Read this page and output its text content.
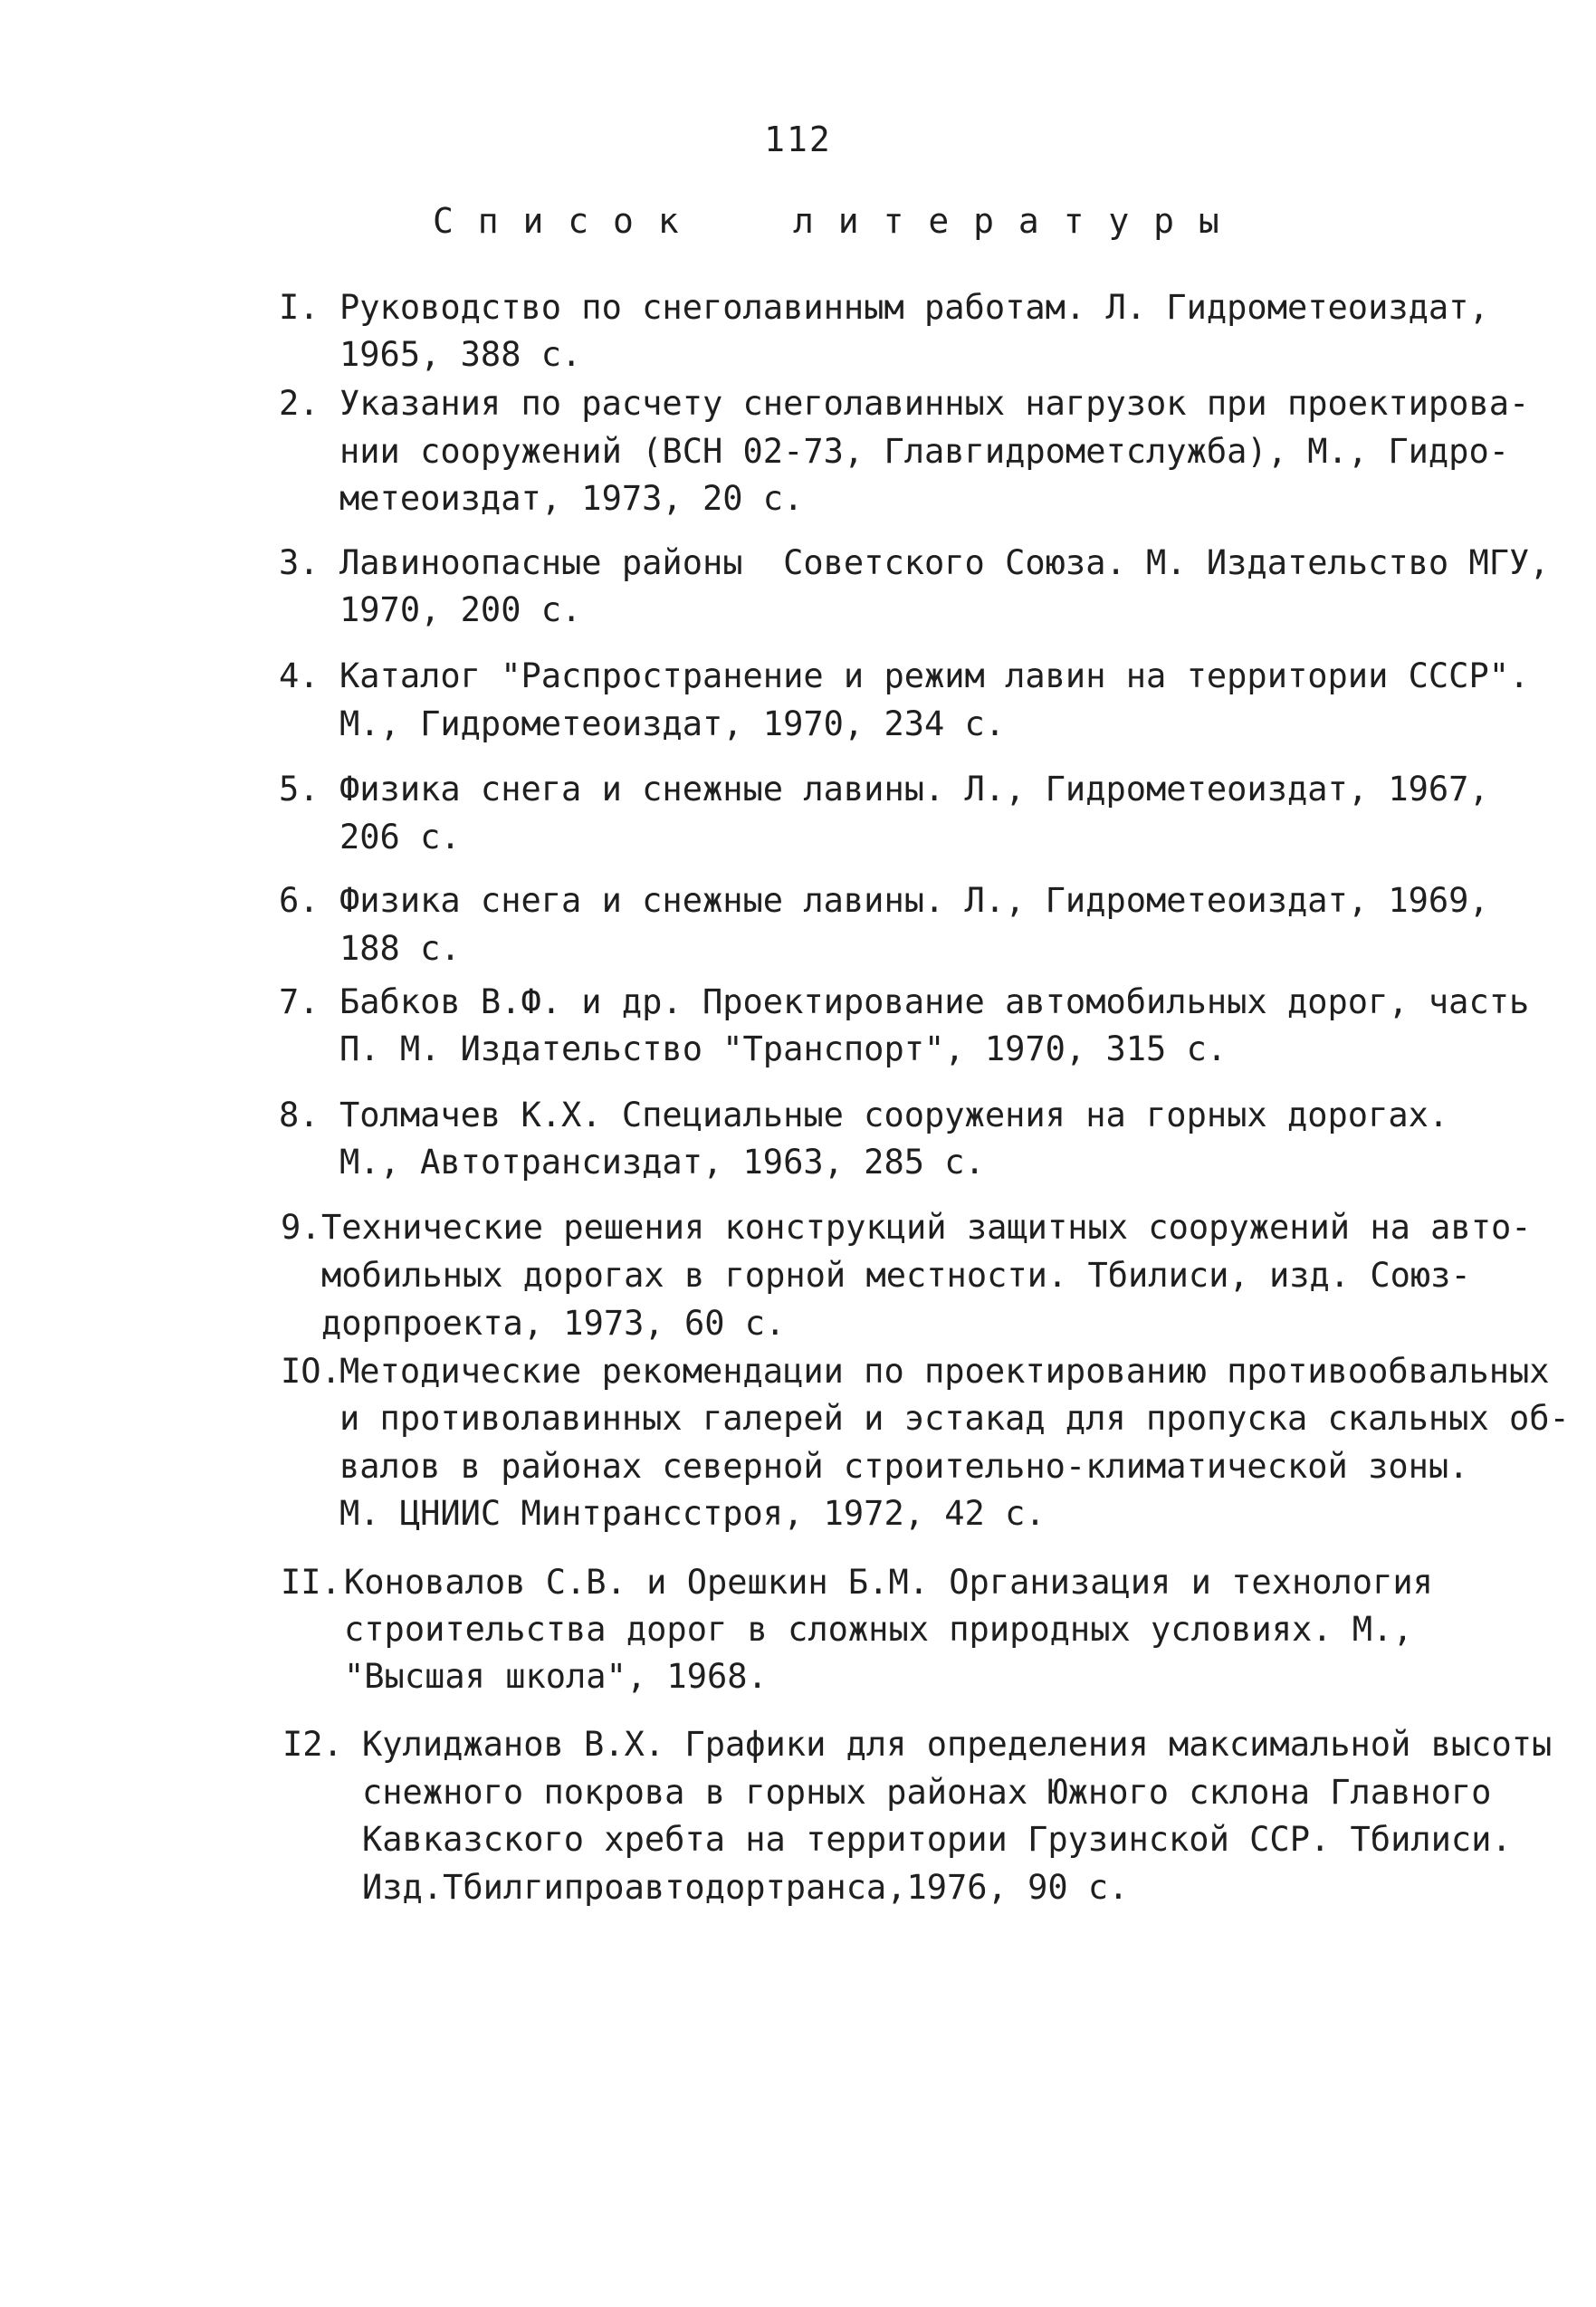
112
С п и с о к     л и т е р а т у р ы
I. Руководство по снеголавинным работам. Л. Гидрометеоиздат,
1965, 388 с.
2. Указания по расчету снеголавинных нагрузок при проектирова-
нии сооружений (ВСН 02-73, Главгидрометслужба), М., Гидро-
метеоиздат, 1973, 20 с.
3. Лавиноопасные районы  Советского Союза. М. Издательство МГУ,
1970, 200 с.
4. Каталог "Распространение и режим лавин на территории СССР".
М., Гидрометеоиздат, 1970, 234 с.
5. Физика снега и снежные лавины. Л., Гидрометеоиздат, 1967,
206 с.
6. Физика снега и снежные лавины. Л., Гидрометеоиздат, 1969,
188 с.
7. Бабков В.Ф. и др. Проектирование автомобильных дорог, часть
П. М. Издательство "Транспорт", 1970, 315 с.
8. Толмачев К.Х. Специальные сооружения на горных дорогах.
М., Автотрансиздат, 1963, 285 с.
9. Технические решения конструкций защитных сооружений на авто-
мобильных дорогах в горной местности. Тбилиси, изд. Союз-
дорпроекта, 1973, 60 с.
IO.
Методические рекомендации по проектированию противообвальных
и противолавинных галерей и эстакад для пропуска скальных об-
валов в районах северной строительно-климатической зоны.
М. ЦНИИС Минтрансстроя, 1972, 42 с.
II. Коновалов С.В. и Орешкин Б.М. Организация и технология
строительства дорог в сложных природных условиях. М.,
"Высшая школа", 1968.
I2. Кулиджанов В.Х. Графики для определения максимальной высоты
снежного покрова в горных районах Южного склона Главного
Кавказского хребта на территории Грузинской ССР. Тбилиси.
Изд.Тбилгипроавтодортранса,1976, 90 с.
